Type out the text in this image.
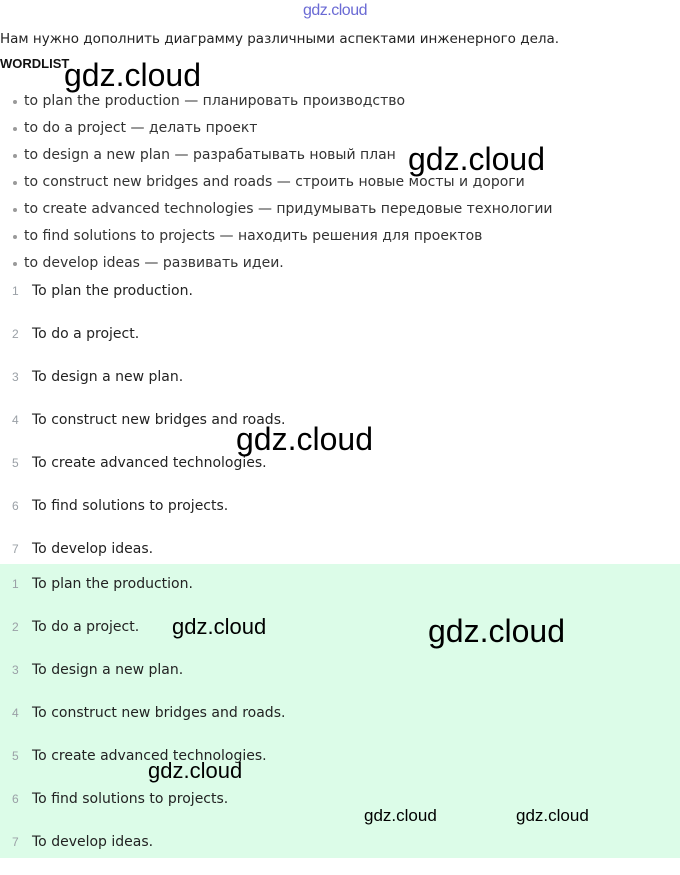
gdz.cloud
Нам нужно дополнить диаграмму различными аспектами инженерного дела.
WORDLIST
to plan the production — планировать производство
to do a project — делать проект
to design a new plan — разрабатывать новый план
to construct new bridges and roads — строить новые мосты и дороги
to create advanced technologies — придумывать передовые технологии
to find solutions to projects — находить решения для проектов
to develop ideas — развивать идеи.
1 To plan the production.
2 To do a project.
3 To design a new plan.
4 To construct new bridges and roads.
5 To create advanced technologies.
6 To find solutions to projects.
7 To develop ideas.
1 To plan the production.
2 To do a project.
3 To design a new plan.
4 To construct new bridges and roads.
5 To create advanced technologies.
6 To find solutions to projects.
7 To develop ideas.
gdz.cloud
gdz.cloud
gdz.cloud
gdz.cloud
gdz.cloud
gdz.cloud
gdz.cloud	gdz.cloud
